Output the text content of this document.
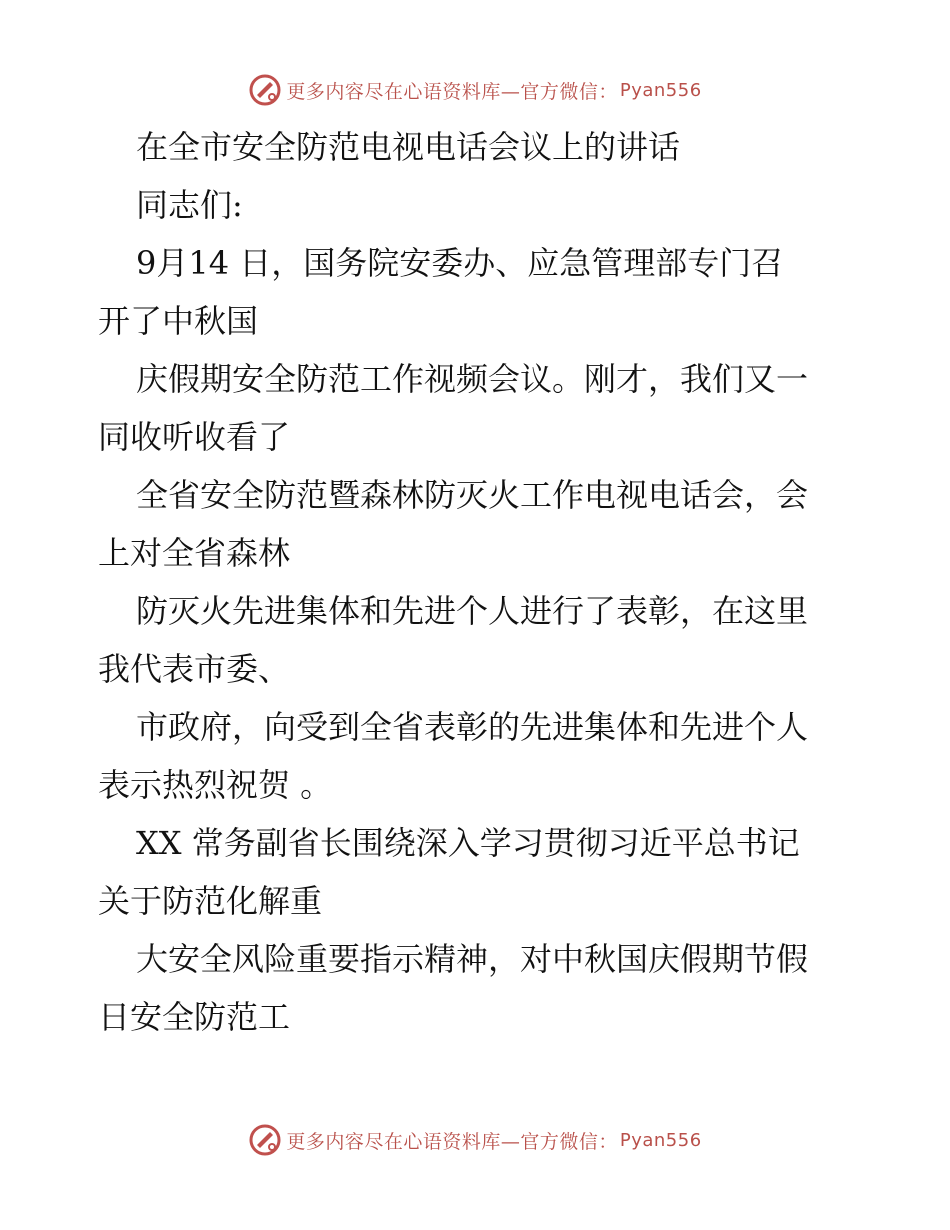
更多内容尽在心语资料库—官方微信： Pyan556
在全市安全防范电视电话会议上的讲话
同志们:
9月14 日，国务院安委办、应急管理部专门召
开了中秋国
庆假期安全防范工作视频会议。刚才，我们又一
同收听收看了
全省安全防范暨森林防灭火工作电视电话会，会
上对全省森林
防灭火先进集体和先进个人进行了表彰，在这里
我代表市委、
市政府，向受到全省表彰的先进集体和先进个人
表示热烈祝贺 。
XX 常务副省长围绕深入学习贯彻习近平总书记
关于防范化解重
大安全风险重要指示精神，对中秋国庆假期节假
日安全防范工
更多内容尽在心语资料库—官方微信： Pyan556
